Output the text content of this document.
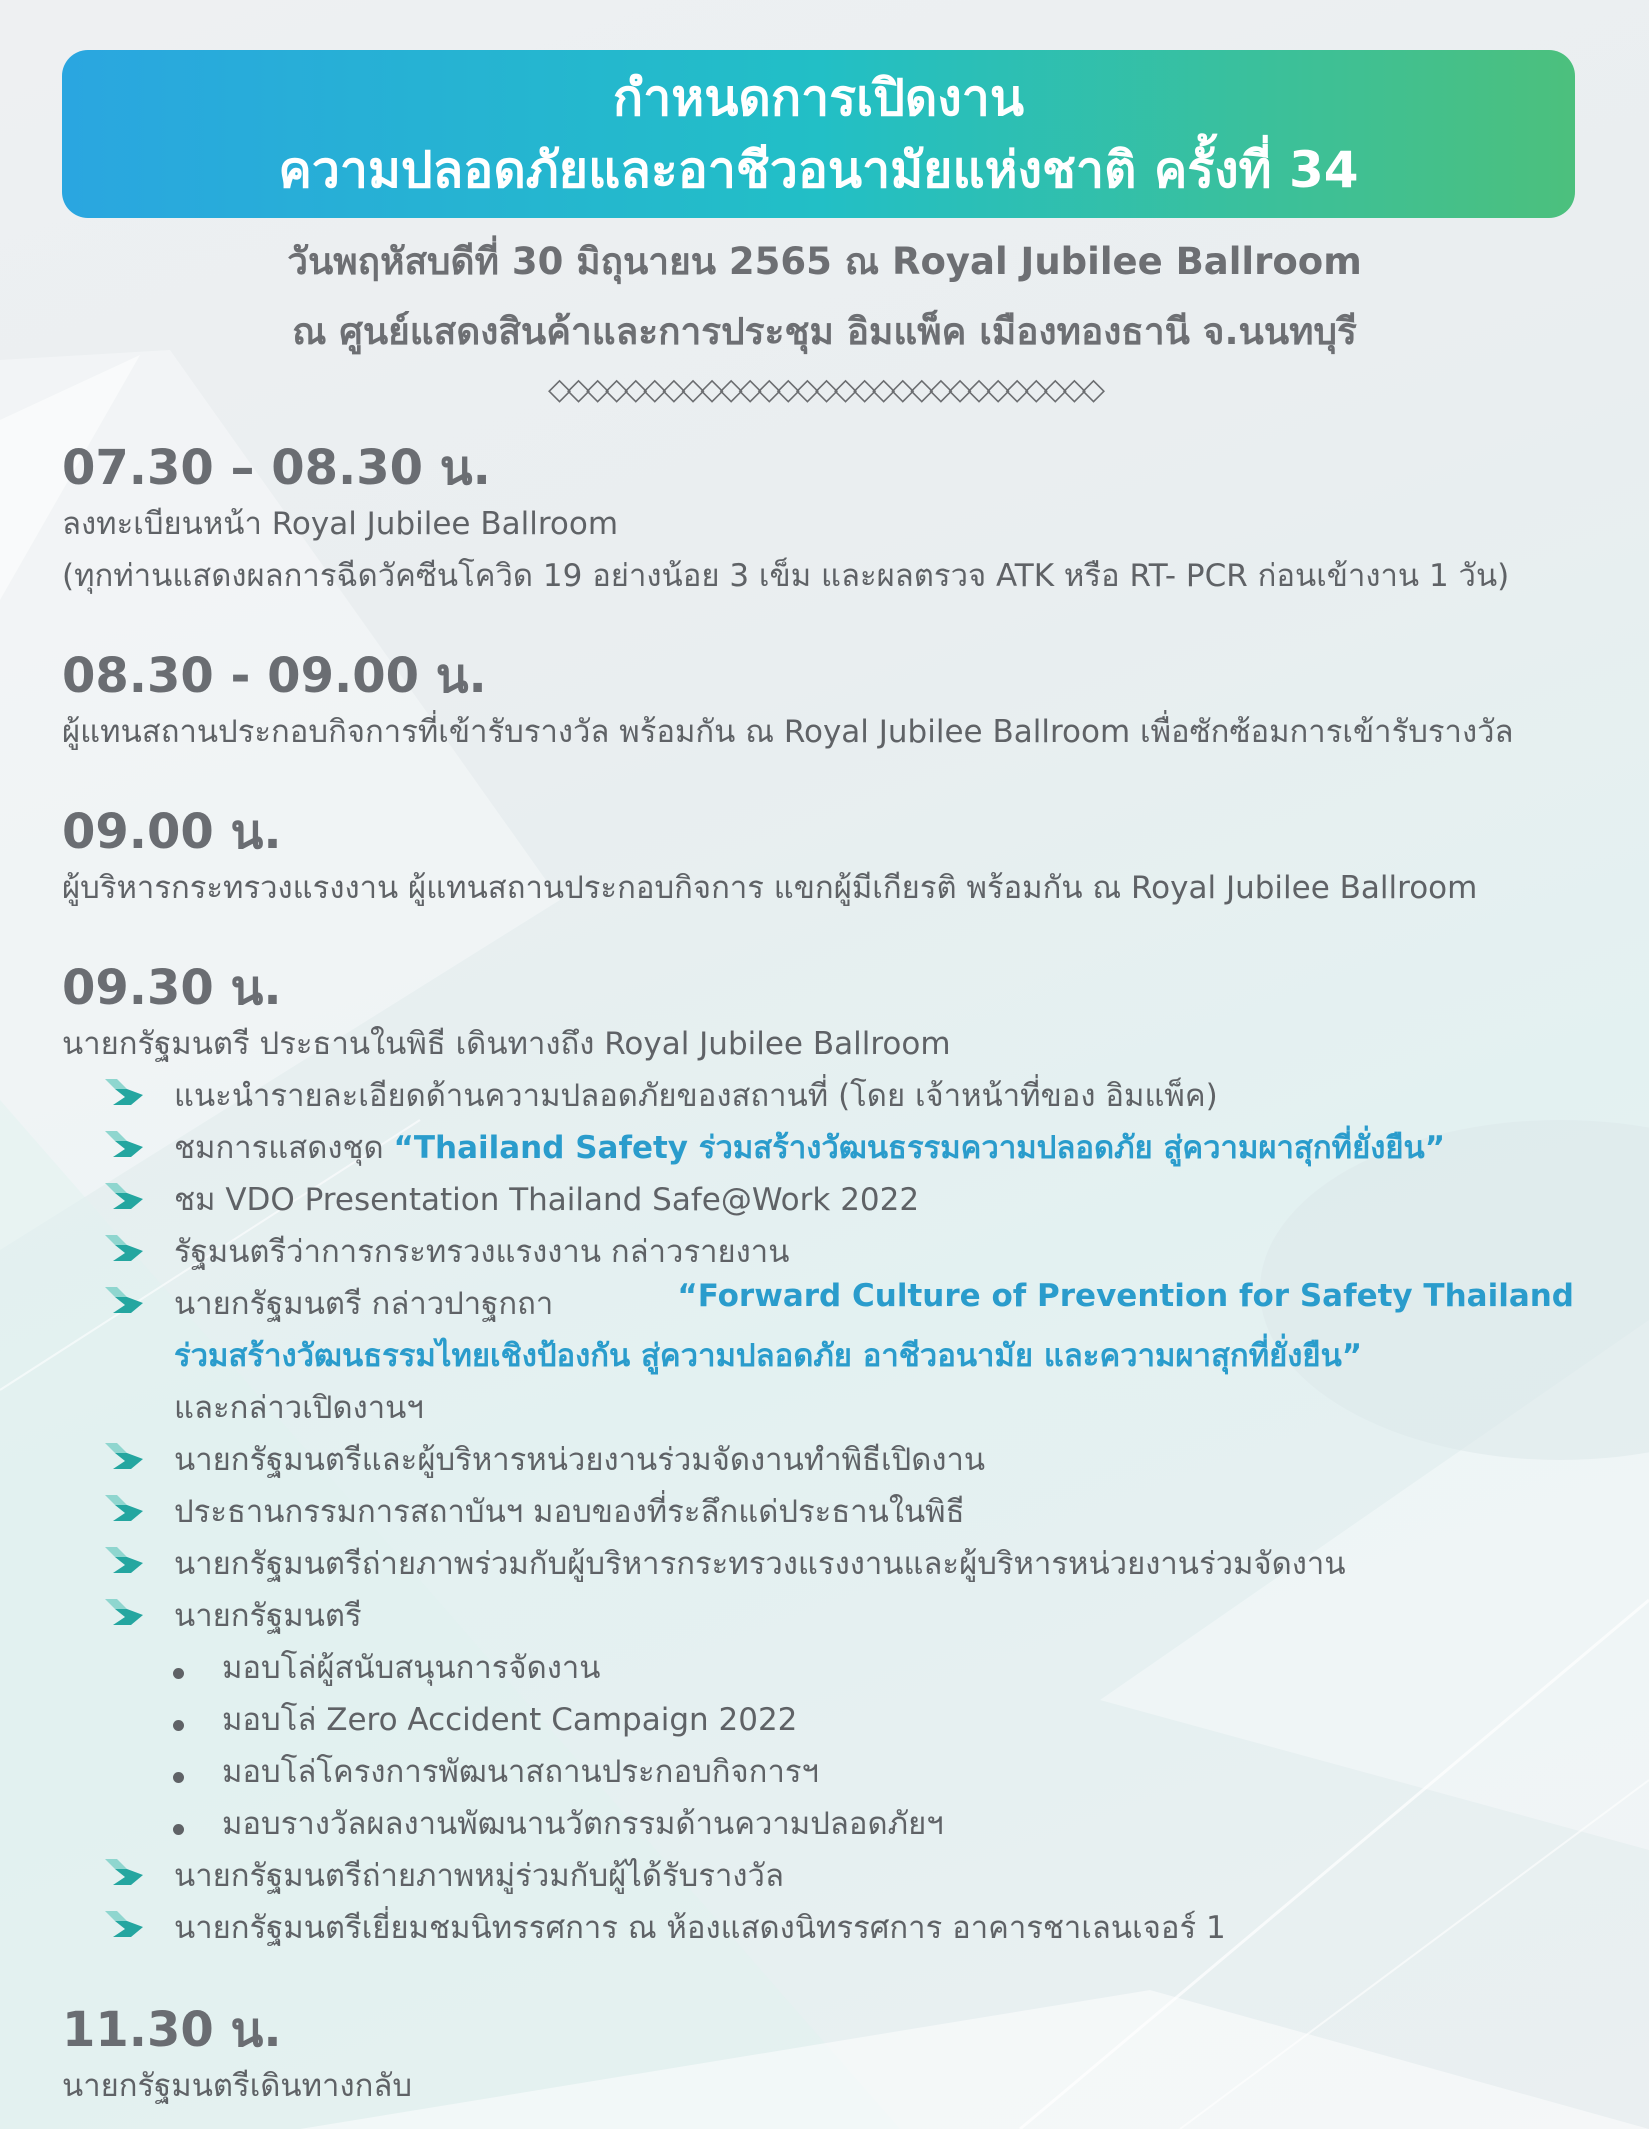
กำหนดการเปิดงาน
ความปลอดภัยและอาชีวอนามัยแห่งชาติ ครั้งที่ 34
วันพฤหัสบดีที่ 30 มิถุนายน 2565 ณ Royal Jubilee Ballroom
ณ ศูนย์แสดงสินค้าและการประชุม อิมแพ็ค เมืองทองธานี จ.นนทบุรี
◇◇◇◇◇◇◇◇◇◇◇◇◇◇◇◇◇◇◇◇◇◇◇◇◇◇◇◇◇
07.30 – 08.30 น.
ลงทะเบียนหน้า Royal Jubilee Ballroom
(ทุกท่านแสดงผลการฉีดวัคซีนโควิด 19 อย่างน้อย 3 เข็ม และผลตรวจ ATK หรือ RT- PCR ก่อนเข้างาน 1 วัน)
08.30 - 09.00 น.
ผู้แทนสถานประกอบกิจการที่เข้ารับรางวัล พร้อมกัน ณ Royal Jubilee Ballroom เพื่อซักซ้อมการเข้ารับรางวัล
09.00 น.
ผู้บริหารกระทรวงแรงงาน ผู้แทนสถานประกอบกิจการ แขกผู้มีเกียรติ พร้อมกัน ณ Royal Jubilee Ballroom
09.30 น.
นายกรัฐมนตรี ประธานในพิธี เดินทางถึง Royal Jubilee Ballroom
แนะนำรายละเอียดด้านความปลอดภัยของสถานที่ (โดย เจ้าหน้าที่ของ อิมแพ็ค)
ชมการแสดงชุด “Thailand Safety ร่วมสร้างวัฒนธรรมความปลอดภัย สู่ความผาสุกที่ยั่งยืน”
ชม VDO Presentation Thailand Safe@Work 2022
รัฐมนตรีว่าการกระทรวงแรงงาน กล่าวรายงาน
นายกรัฐมนตรี กล่าวปาฐกถา	“Forward Culture of Prevention for Safety Thailand
ร่วมสร้างวัฒนธรรมไทยเชิงป้องกัน สู่ความปลอดภัย อาชีวอนามัย และความผาสุกที่ยั่งยืน”
และกล่าวเปิดงานฯ
นายกรัฐมนตรีและผู้บริหารหน่วยงานร่วมจัดงานทำพิธีเปิดงาน
ประธานกรรมการสถาบันฯ มอบของที่ระลึกแด่ประธานในพิธี
นายกรัฐมนตรีถ่ายภาพร่วมกับผู้บริหารกระทรวงแรงงานและผู้บริหารหน่วยงานร่วมจัดงาน
นายกรัฐมนตรี
มอบโล่ผู้สนับสนุนการจัดงาน
มอบโล่ Zero Accident Campaign 2022
มอบโล่โครงการพัฒนาสถานประกอบกิจการฯ
มอบรางวัลผลงานพัฒนานวัตกรรมด้านความปลอดภัยฯ
นายกรัฐมนตรีถ่ายภาพหมู่ร่วมกับผู้ได้รับรางวัล
นายกรัฐมนตรีเยี่ยมชมนิทรรศการ ณ ห้องแสดงนิทรรศการ อาคารชาเลนเจอร์ 1
11.30 น.
นายกรัฐมนตรีเดินทางกลับ
